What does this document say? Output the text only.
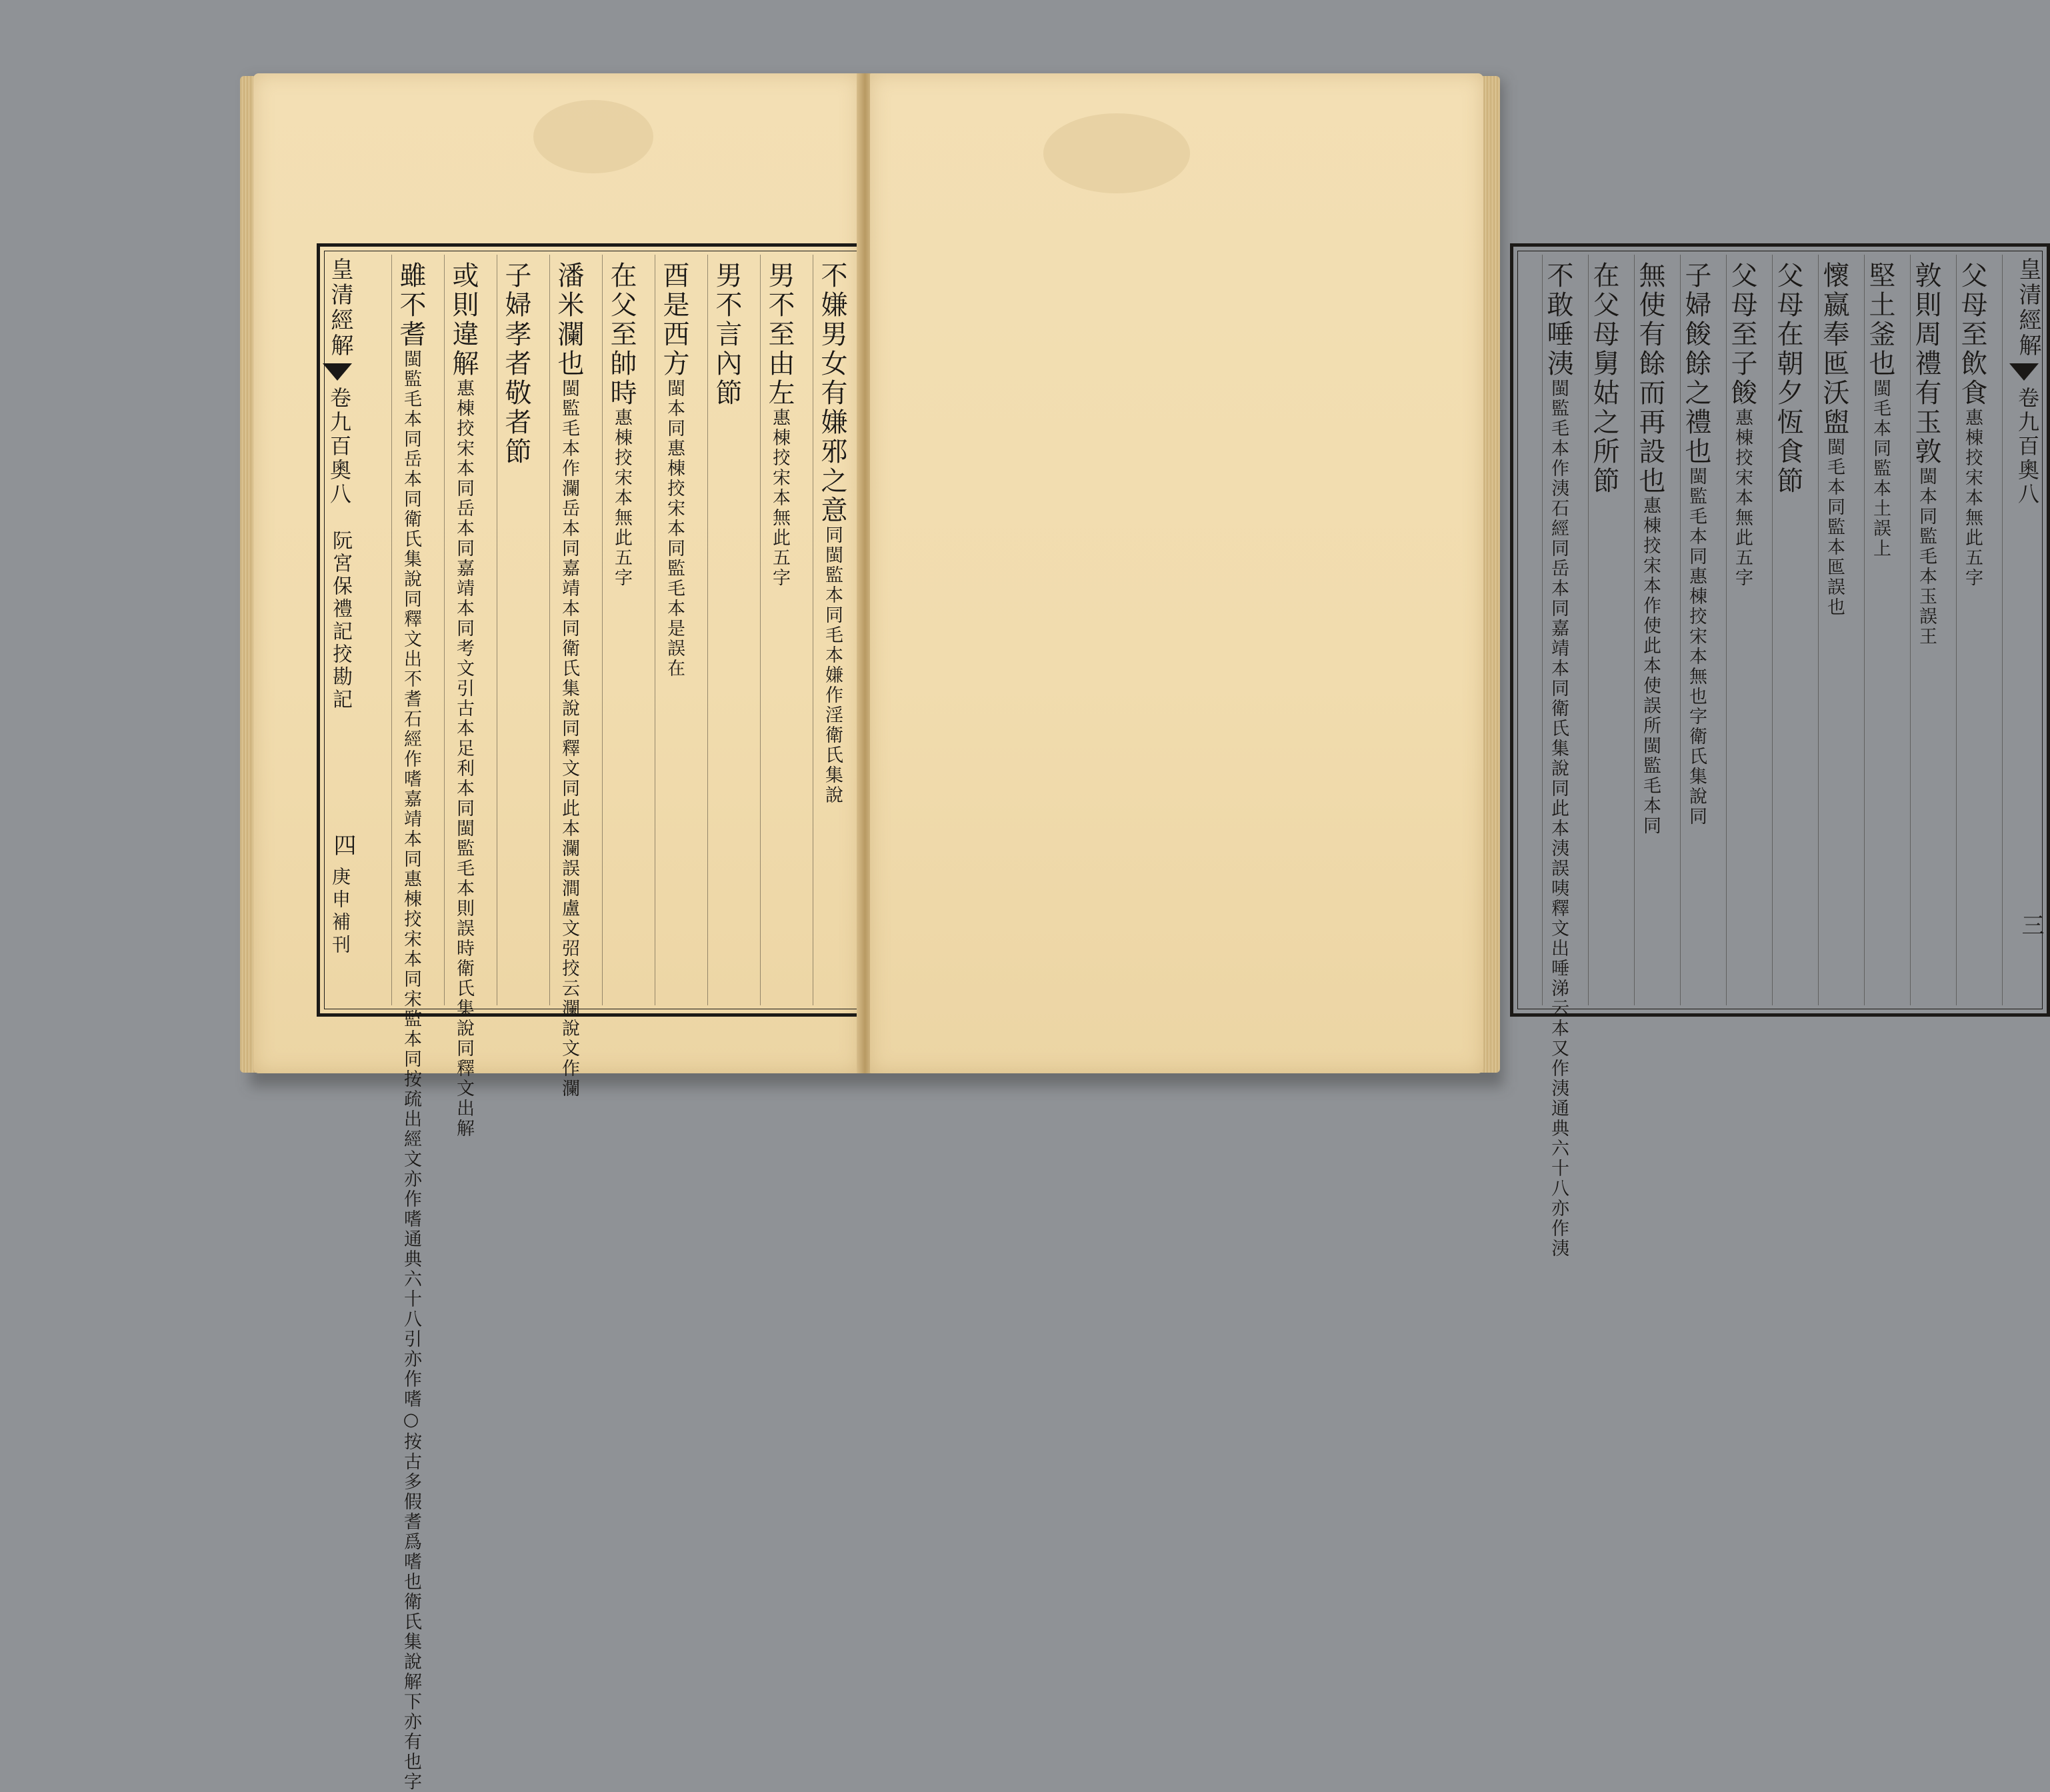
皇清經解
卷九百奧八
阮宮保禮記挍勘記
四
庚申補刊
不嫌男女有嫌邪之意同閩監本同毛本嫌作淫衛氏集說
男不至由左惠棟挍宋本無此五字
男不言內節
酉是西方閩本同惠棟挍宋本同監毛本是誤在
在父至帥時惠棟挍宋本無此五字
潘米瀾也閩監毛本作瀾岳本同嘉靖本同衛氏集說同釋文同此本瀾誤澗盧文弨挍云瀾說文作瀾
子婦孝者敬者節
或則違解惠棟挍宋本同岳本同嘉靖本同考文引古本足利本同閩監毛本則誤時衛氏集說同釋文出解
雖不耆閩監毛本同岳本同衛氏集說同釋文出不耆石經作嗜嘉靖本同惠棟挍宋本同宋監本同按疏出經文亦作嗜通典六十八引亦作嗜○按古多假耆爲嗜也衛氏集說解下亦有也字
皇清經解
卷九百奧八
三
父母至飲食惠棟挍宋本無此五字
敦則周禮有玉敦閩本同監毛本玉誤王
堅土釜也閩毛本同監本土誤上
懷嬴奉匜沃盥閩毛本同監本匜誤也
父母在朝夕恆食節
父母至子餕惠棟挍宋本無此五字
子婦餕餘之禮也閩監毛本同惠棟挍宋本無也字衛氏集說同
無使有餘而再設也惠棟挍宋本作使此本使誤所閩監毛本同
在父母舅姑之所節
不敢唾洟閩監毛本作洟石經同岳本同嘉靖本同衛氏集說同此本洟誤咦釋文出唾涕云本又作洟通典六十八亦作洟
